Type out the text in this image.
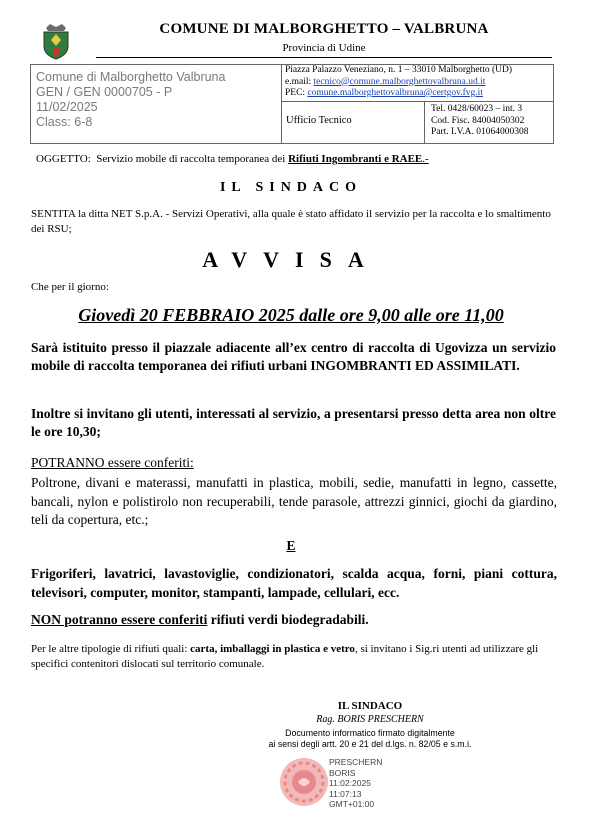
COMUNE DI MALBORGHETTO – VALBRUNA
Provincia di Udine
Comune di Malborghetto Valbruna
GEN / GEN 0000705 - P
11/02/2025
Class: 6-8
Piazza Palazzo Veneziano, n. 1 – 33010 Malborghetto (UD)
e.mail: tecnico@comune.malborghettovalbruna.ud.it
PEC: comune.malborghettovalbruna@certgov.fvg.it
Ufficio Tecnico
Tel. 0428/60023 – int. 3
Cod. Fisc. 84004050302
Part. I.V.A. 01064000308
OGGETTO: Servizio mobile di raccolta temporanea dei Rifiuti Ingombranti e RAEE.-
IL SINDACO
SENTITA la ditta NET S.p.A. - Servizi Operativi, alla quale è stato affidato il servizio per la raccolta e lo smaltimento dei RSU;
AVVISA
Che per il giorno:
Giovedì 20 FEBBRAIO 2025 dalle ore 9,00 alle ore 11,00
Sarà istituito presso il piazzale adiacente all’ex centro di raccolta di Ugovizza un servizio mobile di raccolta temporanea dei rifiuti urbani INGOMBRANTI ED ASSIMILATI.
Inoltre si invitano gli utenti, interessati al servizio, a presentarsi presso detta area non oltre le ore 10,30;
POTRANNO essere conferiti:
Poltrone, divani e materassi, manufatti in plastica, mobili, sedie, manufatti in legno, cassette, bancali, nylon e polistirolo non recuperabili, tende parasole, attrezzi ginnici, giochi da giardino, teli da copertura, etc.;
E
Frigoriferi, lavatrici, lavastoviglie, condizionatori, scalda acqua, forni, piani cottura, televisori, computer, monitor, stampanti, lampade, cellulari, ecc.
NON potranno essere conferiti rifiuti verdi biodegradabili.
Per le altre tipologie di rifiuti quali: carta, imballaggi in plastica e vetro, si invitano i Sig.ri utenti ad utilizzare gli specifici contenitori dislocati sul territorio comunale.
IL SINDACO
Rag. BORIS PRESCHERN
Documento informatico firmato digitalmente
ai sensi degli artt. 20 e 21 del d.lgs. n. 82/05 e s.m.i.
PRESCHERN
BORIS
11:02:2025
11:07:13
GMT+01:00
